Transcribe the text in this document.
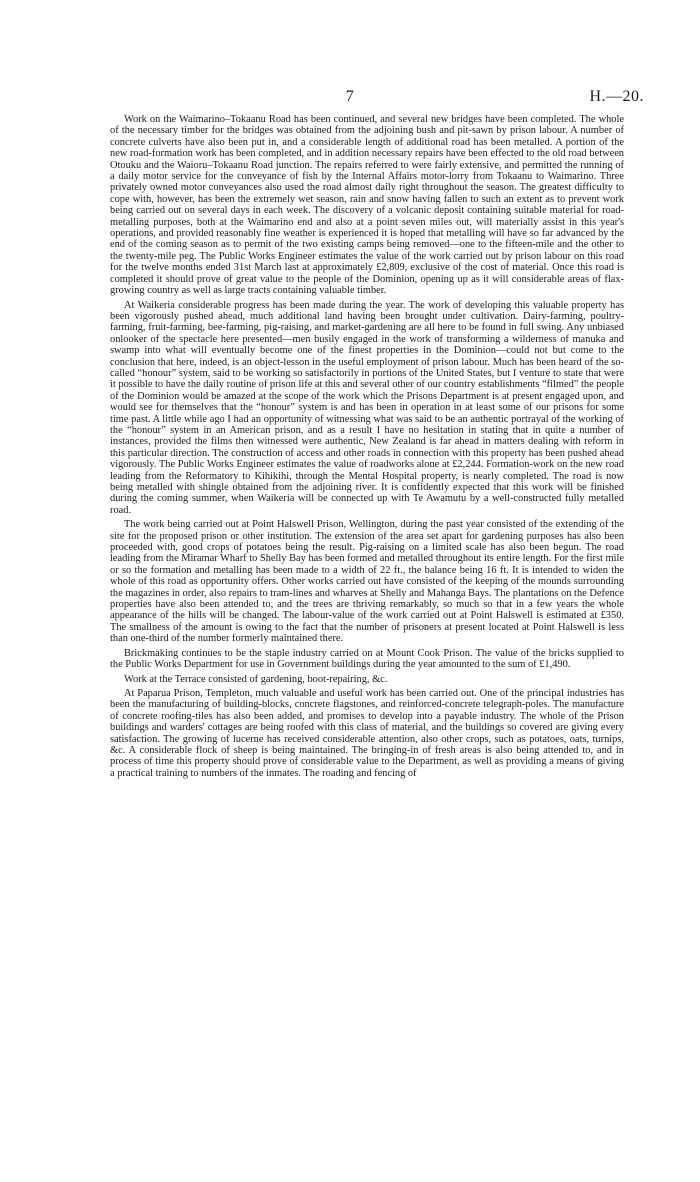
7	H.—20.

Work on the Waimarino–Tokaanu Road has been continued, and several new bridges have been completed. The whole of the necessary timber for the bridges was obtained from the adjoining bush and pit-sawn by prison labour. A number of concrete culverts have also been put in, and a considerable length of additional road has been metalled. A portion of the new road-formation work has been completed, and in addition necessary repairs have been effected to the old road between Otouku and the Waioru–Tokaanu Road junction. The repairs referred to were fairly extensive, and permitted the running of a daily motor service for the conveyance of fish by the Internal Affairs motor-lorry from Tokaanu to Waimarino. Three privately owned motor conveyances also used the road almost daily right throughout the season. The greatest difficulty to cope with, however, has been the extremely wet season, rain and snow having fallen to such an extent as to prevent work being carried out on several days in each week. The discovery of a volcanic deposit containing suitable material for road-metalling purposes, both at the Waimarino end and also at a point seven miles out, will materially assist in this year's operations, and provided reasonably fine weather is experienced it is hoped that metalling will have so far advanced by the end of the coming season as to permit of the two existing camps being removed—one to the fifteen-mile and the other to the twenty-mile peg. The Public Works Engineer estimates the value of the work carried out by prison labour on this road for the twelve months ended 31st March last at approximately £2,809, exclusive of the cost of material. Once this road is completed it should prove of great value to the people of the Dominion, opening up as it will considerable areas of flax-growing country as well as large tracts containing valuable timber.

At Waikeria considerable progress has been made during the year. The work of developing this valuable property has been vigorously pushed ahead, much additional land having been brought under cultivation. Dairy-farming, poultry-farming, fruit-farming, bee-farming, pig-raising, and market-gardening are all here to be found in full swing. Any unbiased onlooker of the spectacle here presented—men busily engaged in the work of transforming a wilderness of manuka and swamp into what will eventually become one of the finest properties in the Dominion—could not but come to the conclusion that here, indeed, is an object-lesson in the useful employment of prison labour. Much has been heard of the so-called “honour” system, said to be working so satisfactorily in portions of the United States, but I venture to state that were it possible to have the daily routine of prison life at this and several other of our country establishments “filmed” the people of the Dominion would be amazed at the scope of the work which the Prisons Department is at present engaged upon, and would see for themselves that the “honour” system is and has been in operation in at least some of our prisons for some time past. A little while ago I had an opportunity of witnessing what was said to be an authentic portrayal of the working of the “honour” system in an American prison, and as a result I have no hesitation in stating that in quite a number of instances, provided the films then witnessed were authentic, New Zealand is far ahead in matters dealing with reform in this particular direction. The construction of access and other roads in connection with this property has been pushed ahead vigorously. The Public Works Engineer estimates the value of roadworks alone at £2,244. Formation-work on the new road leading from the Reformatory to Kihikihi, through the Mental Hospital property, is nearly completed. The road is now being metalled with shingle obtained from the adjoining river. It is confidently expected that this work will be finished during the coming summer, when Waikeria will be connected up with Te Awamutu by a well-constructed fully metalled road.

The work being carried out at Point Halswell Prison, Wellington, during the past year consisted of the extending of the site for the proposed prison or other institution. The extension of the area set apart for gardening purposes has also been proceeded with, good crops of potatoes being the result. Pig-raising on a limited scale has also been begun. The road leading from the Miramar Wharf to Shelly Bay has been formed and metalled throughout its entire length. For the first mile or so the formation and metalling has been made to a width of 22 ft., the balance being 16 ft. It is intended to widen the whole of this road as opportunity offers. Other works carried out have consisted of the keeping of the mounds surrounding the magazines in order, also repairs to tram-lines and wharves at Shelly and Mahanga Bays. The plantations on the Defence properties have also been attended to, and the trees are thriving remarkably, so much so that in a few years the whole appearance of the hills will be changed. The labour-value of the work carried out at Point Halswell is estimated at £350. The smallness of the amount is owing to the fact that the number of prisoners at present located at Point Halswell is less than one-third of the number formerly maintained there.

Brickmaking continues to be the staple industry carried on at Mount Cook Prison. The value of the bricks supplied to the Public Works Department for use in Government buildings during the year amounted to the sum of £1,490.

Work at the Terrace consisted of gardening, boot-repairing, &c.

At Paparua Prison, Templeton, much valuable and useful work has been carried out. One of the principal industries has been the manufacturing of building-blocks, concrete flagstones, and reinforced-concrete telegraph-poles. The manufacture of concrete roofing-tiles has also been added, and promises to develop into a payable industry. The whole of the Prison buildings and warders' cottages are being roofed with this class of material, and the buildings so covered are giving every satisfaction. The growing of lucerne has received considerable attention, also other crops, such as potatoes, oats, turnips, &c. A considerable flock of sheep is being maintained. The bringing-in of fresh areas is also being attended to, and in process of time this property should prove of considerable value to the Department, as well as providing a means of giving a practical training to numbers of the inmates. The roading and fencing of
